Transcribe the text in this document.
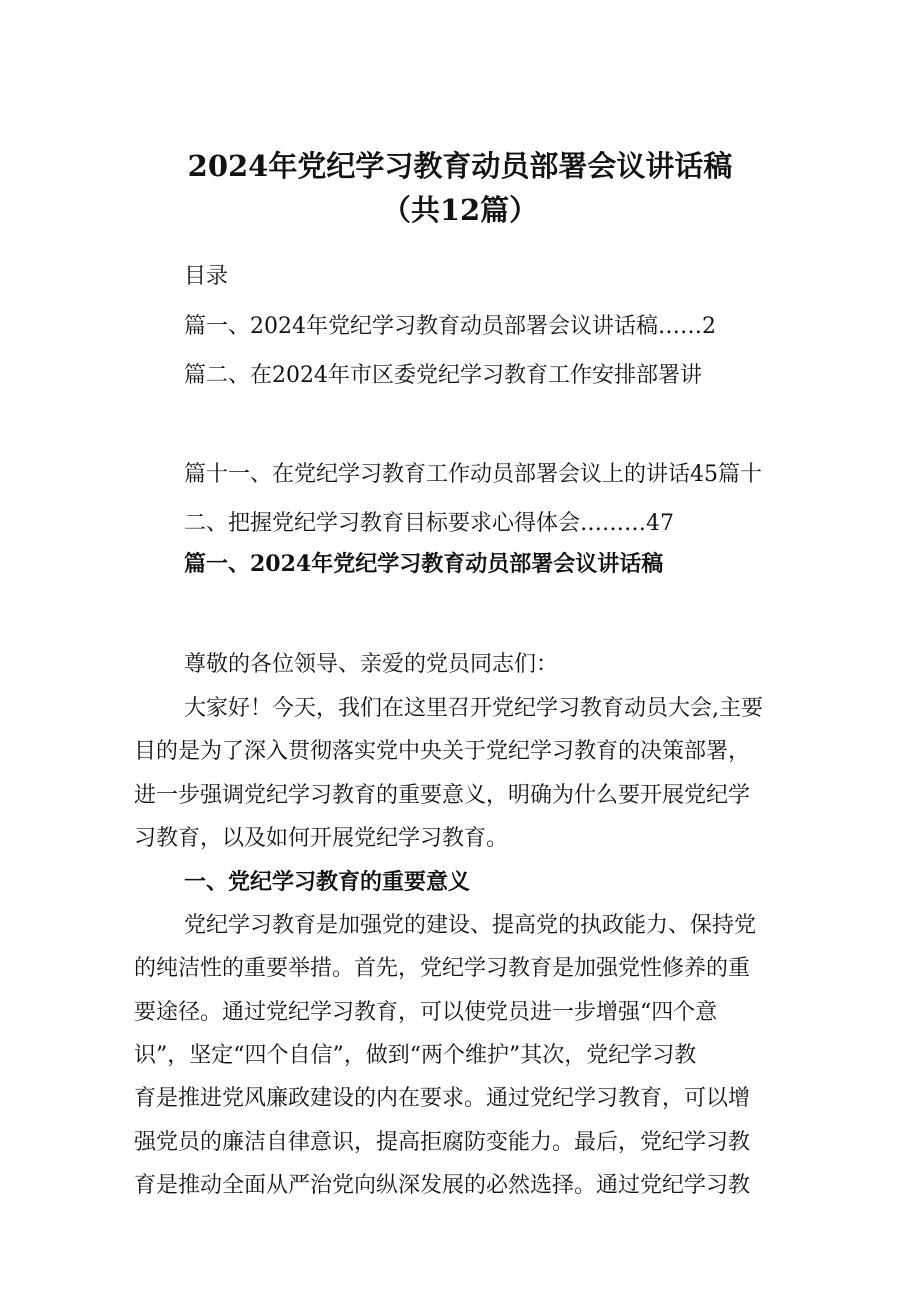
2024年党纪学习教育动员部署会议讲话稿
（共12篇）
目录
篇一、2024年党纪学习教育动员部署会议讲话稿……2
篇二、在2024年市区委党纪学习教育工作安排部署讲
篇十一、在党纪学习教育工作动员部署会议上的讲话45篇十
二、把握党纪学习教育目标要求心得体会………47
篇一、2024年党纪学习教育动员部署会议讲话稿
尊敬的各位领导、亲爱的党员同志们：
大家好！今天，我们在这里召开党纪学习教育动员大会,主要
目的是为了深入贯彻落实党中央关于党纪学习教育的决策部署，
进一步强调党纪学习教育的重要意义，明确为什么要开展党纪学
习教育，以及如何开展党纪学习教育。
一、党纪学习教育的重要意义
党纪学习教育是加强党的建设、提高党的执政能力、保持党
的纯洁性的重要举措。首先，党纪学习教育是加强党性修养的重
要途径。通过党纪学习教育，可以使党员进一步增强“四个意
识”，坚定“四个自信”，做到“两个维护”其次，党纪学习教
育是推进党风廉政建设的内在要求。通过党纪学习教育，可以增
强党员的廉洁自律意识，提高拒腐防变能力。最后，党纪学习教
育是推动全面从严治党向纵深发展的必然选择。通过党纪学习教
